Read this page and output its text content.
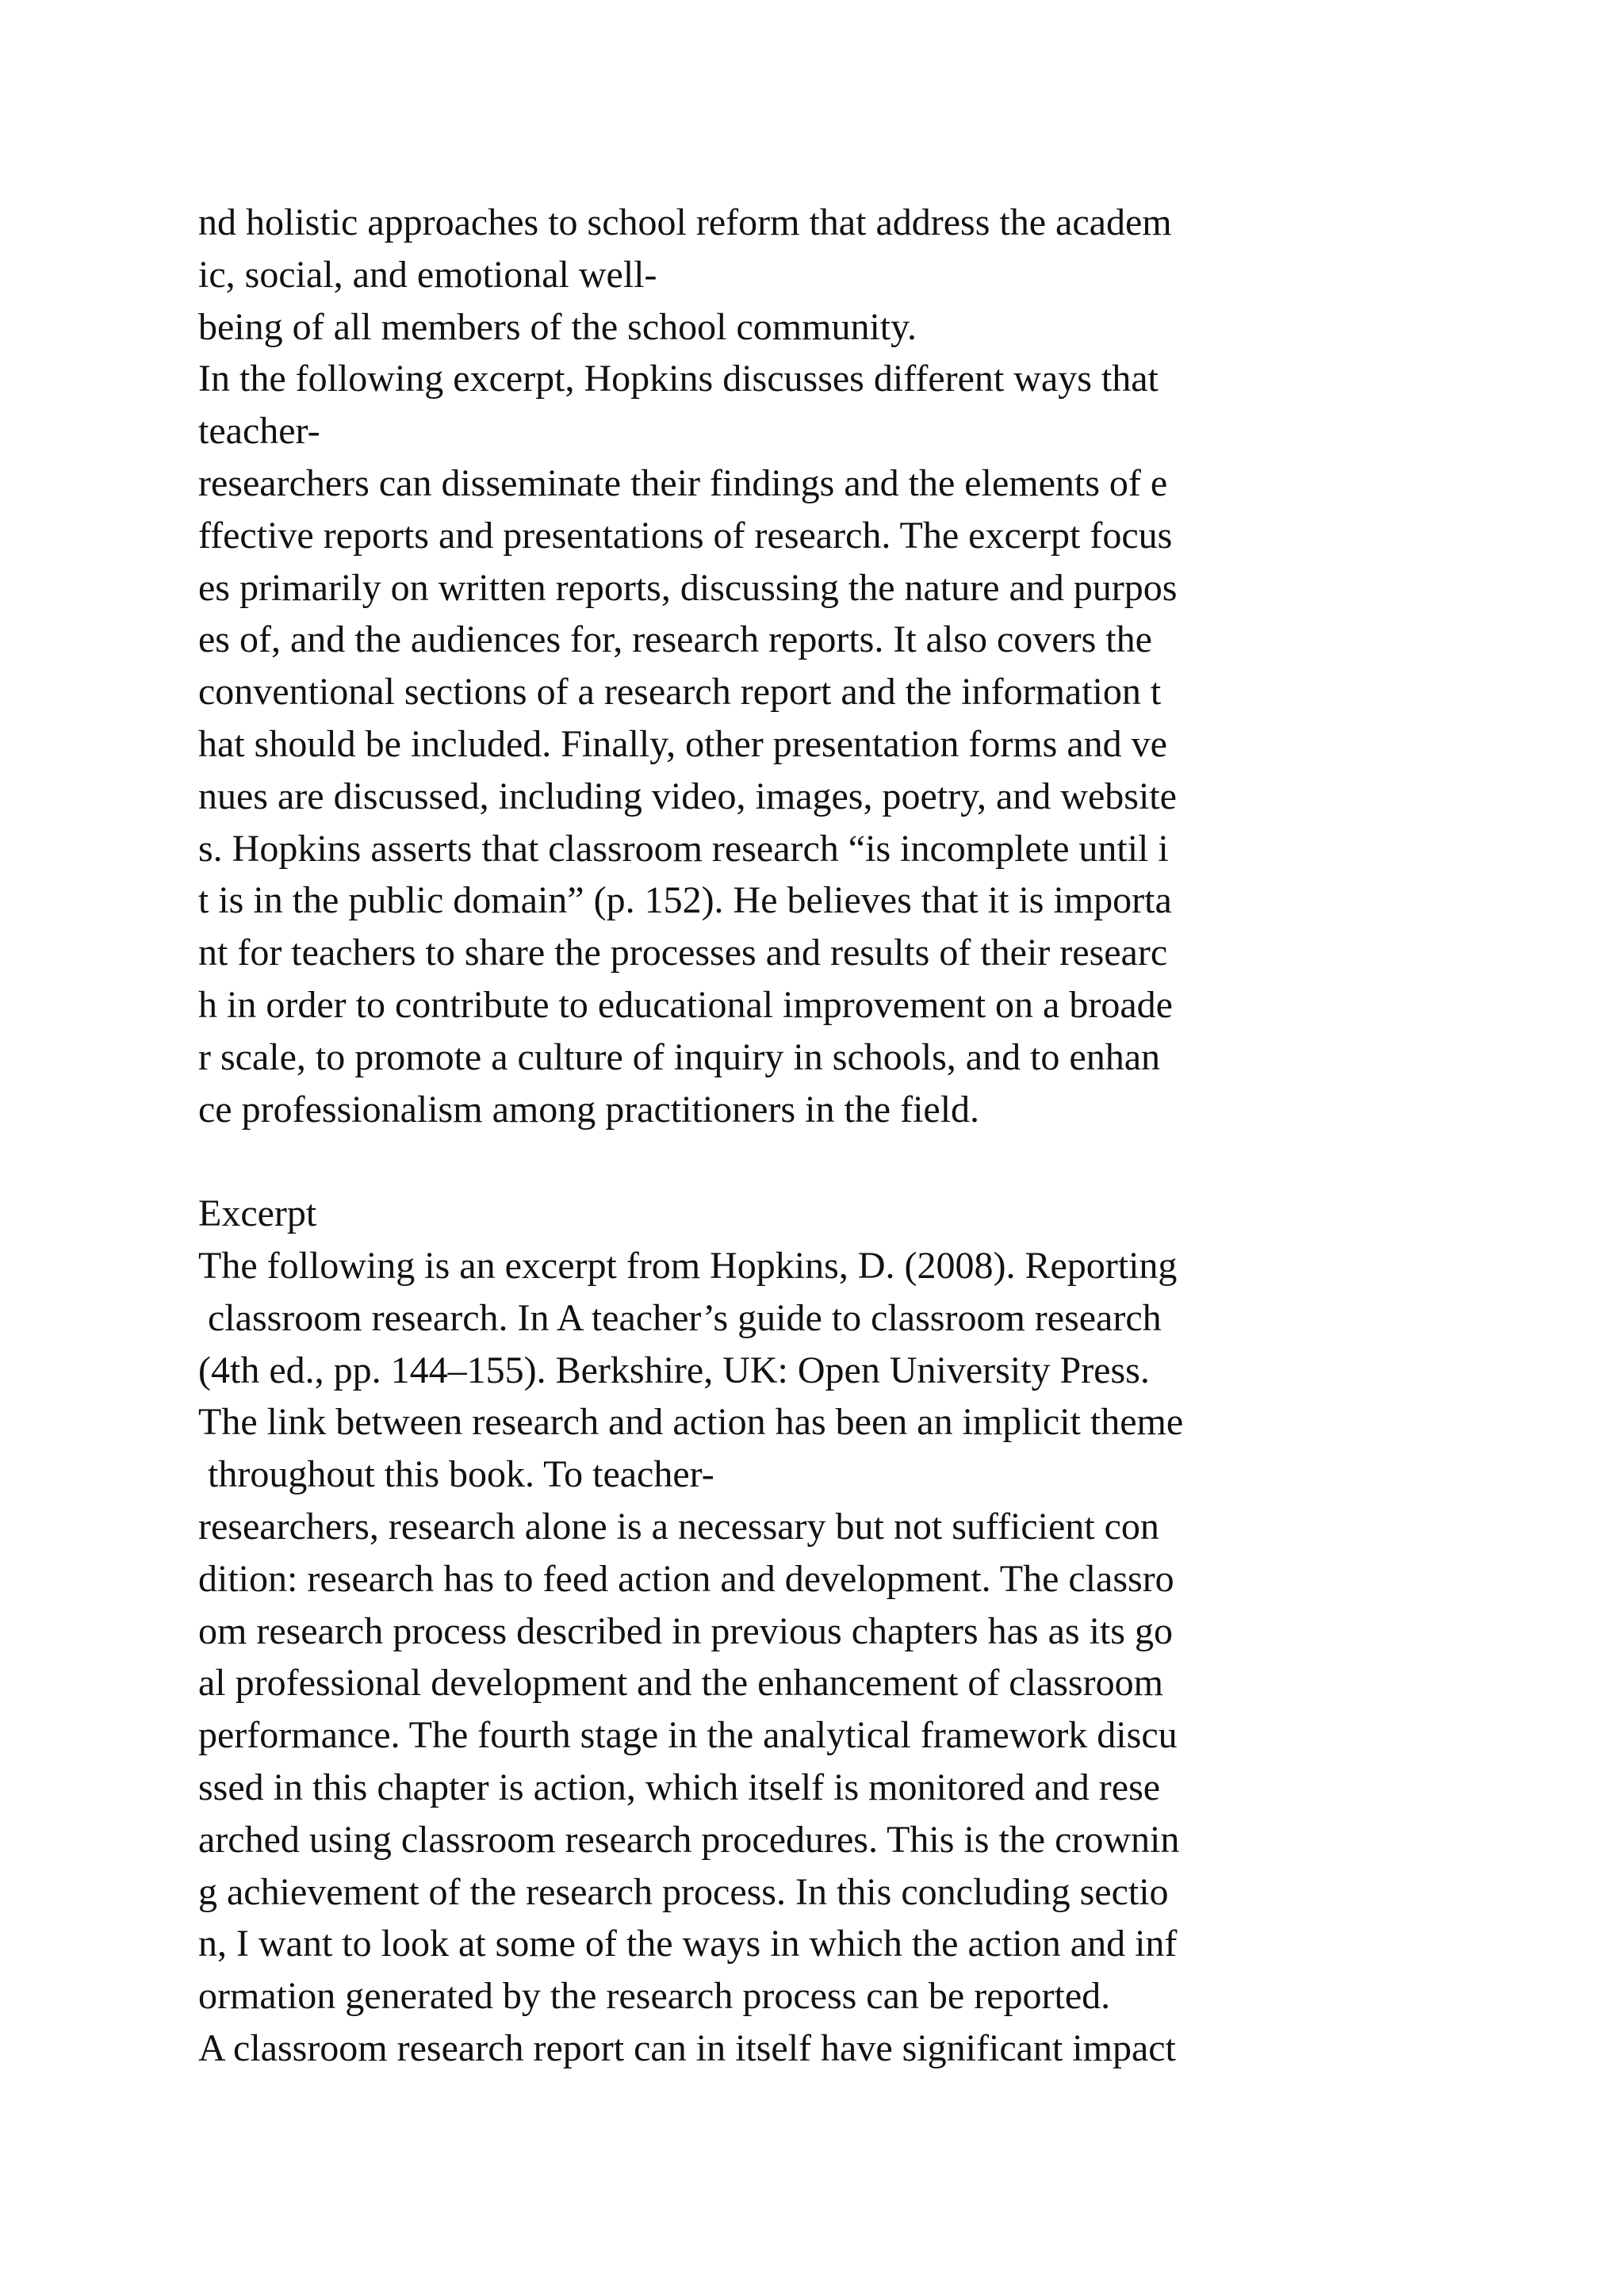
nd holistic approaches to school reform that address the academ
ic, social, and emotional well-
being of all members of the school community.
In the following excerpt, Hopkins discusses different ways that
teacher-
researchers can disseminate their findings and the elements of e
ffective reports and presentations of research. The excerpt focus
es primarily on written reports, discussing the nature and purpos
es of, and the audiences for, research reports. It also covers the
conventional sections of a research report and the information t
hat should be included. Finally, other presentation forms and ve
nues are discussed, including video, images, poetry, and website
s. Hopkins asserts that classroom research “is incomplete until i
t is in the public domain” (p. 152). He believes that it is importa
nt for teachers to share the processes and results of their researc
h in order to contribute to educational improvement on a broade
r scale, to promote a culture of inquiry in schools, and to enhan
ce professionalism among practitioners in the field.
Excerpt
The following is an excerpt from Hopkins, D. (2008). Reporting
classroom research. In A teacher’s guide to classroom research
(4th ed., pp. 144–155). Berkshire, UK: Open University Press.
The link between research and action has been an implicit theme
throughout this book. To teacher-
researchers, research alone is a necessary but not sufficient con
dition: research has to feed action and development. The classro
om research process described in previous chapters has as its go
al professional development and the enhancement of classroom
performance. The fourth stage in the analytical framework discu
ssed in this chapter is action, which itself is monitored and rese
arched using classroom research procedures. This is the crownin
g achievement of the research process. In this concluding sectio
n, I want to look at some of the ways in which the action and inf
ormation generated by the research process can be reported.
A classroom research report can in itself have significant impact
